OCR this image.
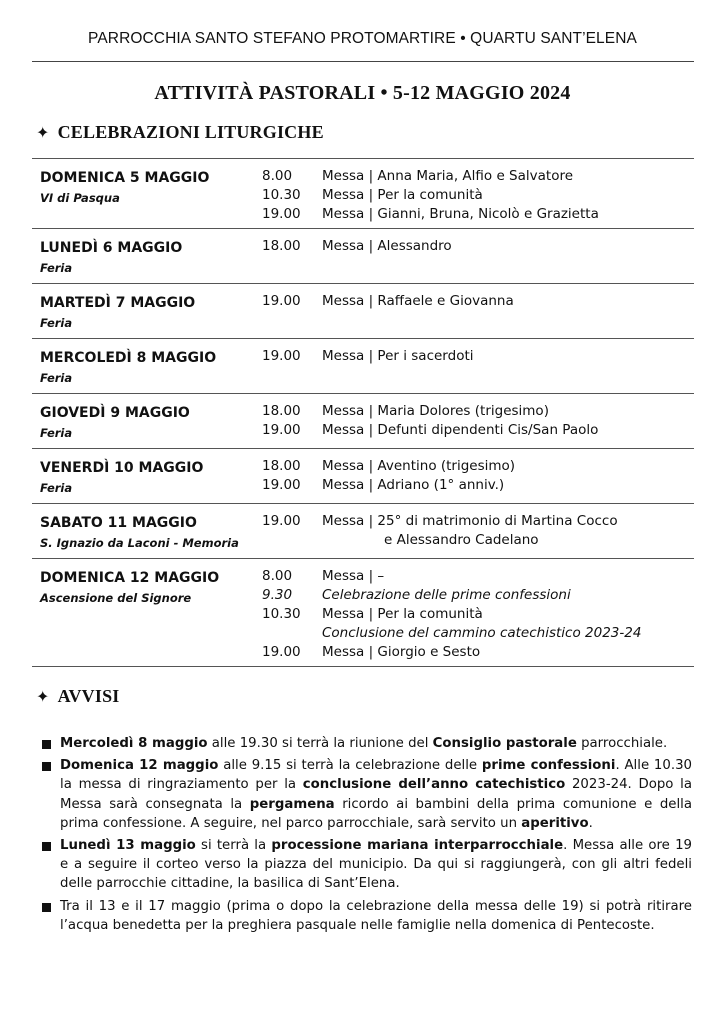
PARROCCHIA SANTO STEFANO PROTOMARTIRE • QUARTU SANT’ELENA
ATTIVITÀ PASTORALI • 5-12 MAGGIO 2024
✦ CELEBRAZIONI LITURGICHE
DOMENICA 5 MAGGIO
VI di Pasqua
8.00 Messa | Anna Maria, Alfio e Salvatore
10.30 Messa | Per la comunità
19.00 Messa | Gianni, Bruna, Nicolò e Grazietta
LUNEDÌ 6 MAGGIO
Feria
18.00 Messa | Alessandro
MARTEDÌ 7 MAGGIO
Feria
19.00 Messa | Raffaele e Giovanna
MERCOLEDÌ 8 MAGGIO
Feria
19.00 Messa | Per i sacerdoti
GIOVEDÌ 9 MAGGIO
Feria
18.00 Messa | Maria Dolores (trigesimo)
19.00 Messa | Defunti dipendenti Cis/San Paolo
VENERDÌ 10 MAGGIO
Feria
18.00 Messa | Aventino (trigesimo)
19.00 Messa | Adriano (1° anniv.)
SABATO 11 MAGGIO
S. Ignazio da Laconi - Memoria
19.00 Messa | 25° di matrimonio di Martina Cocco
e Alessandro Cadelano
DOMENICA 12 MAGGIO
Ascensione del Signore
8.00 Messa | –
9.30 Celebrazione delle prime confessioni
10.30 Messa | Per la comunità
Conclusione del cammino catechistico 2023-24
19.00 Messa | Giorgio e Sesto
✦ AVVISI
Mercoledì 8 maggio alle 19.30 si terrà la riunione del Consiglio pastorale parrocchiale.
Domenica 12 maggio alle 9.15 si terrà la celebrazione delle prime confessioni. Alle 10.30 la messa di ringraziamento per la conclusione dell’anno catechistico 2023-24. Dopo la Messa sarà consegnata la pergamena ricordo ai bambini della prima comunione e della prima confessione. A seguire, nel parco parrocchiale, sarà servito un aperitivo.
Lunedì 13 maggio si terrà la processione mariana interparrocchiale. Messa alle ore 19 e a seguire il corteo verso la piazza del municipio. Da qui si raggiungerà, con gli altri fedeli delle parrocchie cittadine, la basilica di Sant’Elena.
Tra il 13 e il 17 maggio (prima o dopo la celebrazione della messa delle 19) si potrà ritirare l’acqua benedetta per la preghiera pasquale nelle famiglie nella domenica di Pentecoste.
